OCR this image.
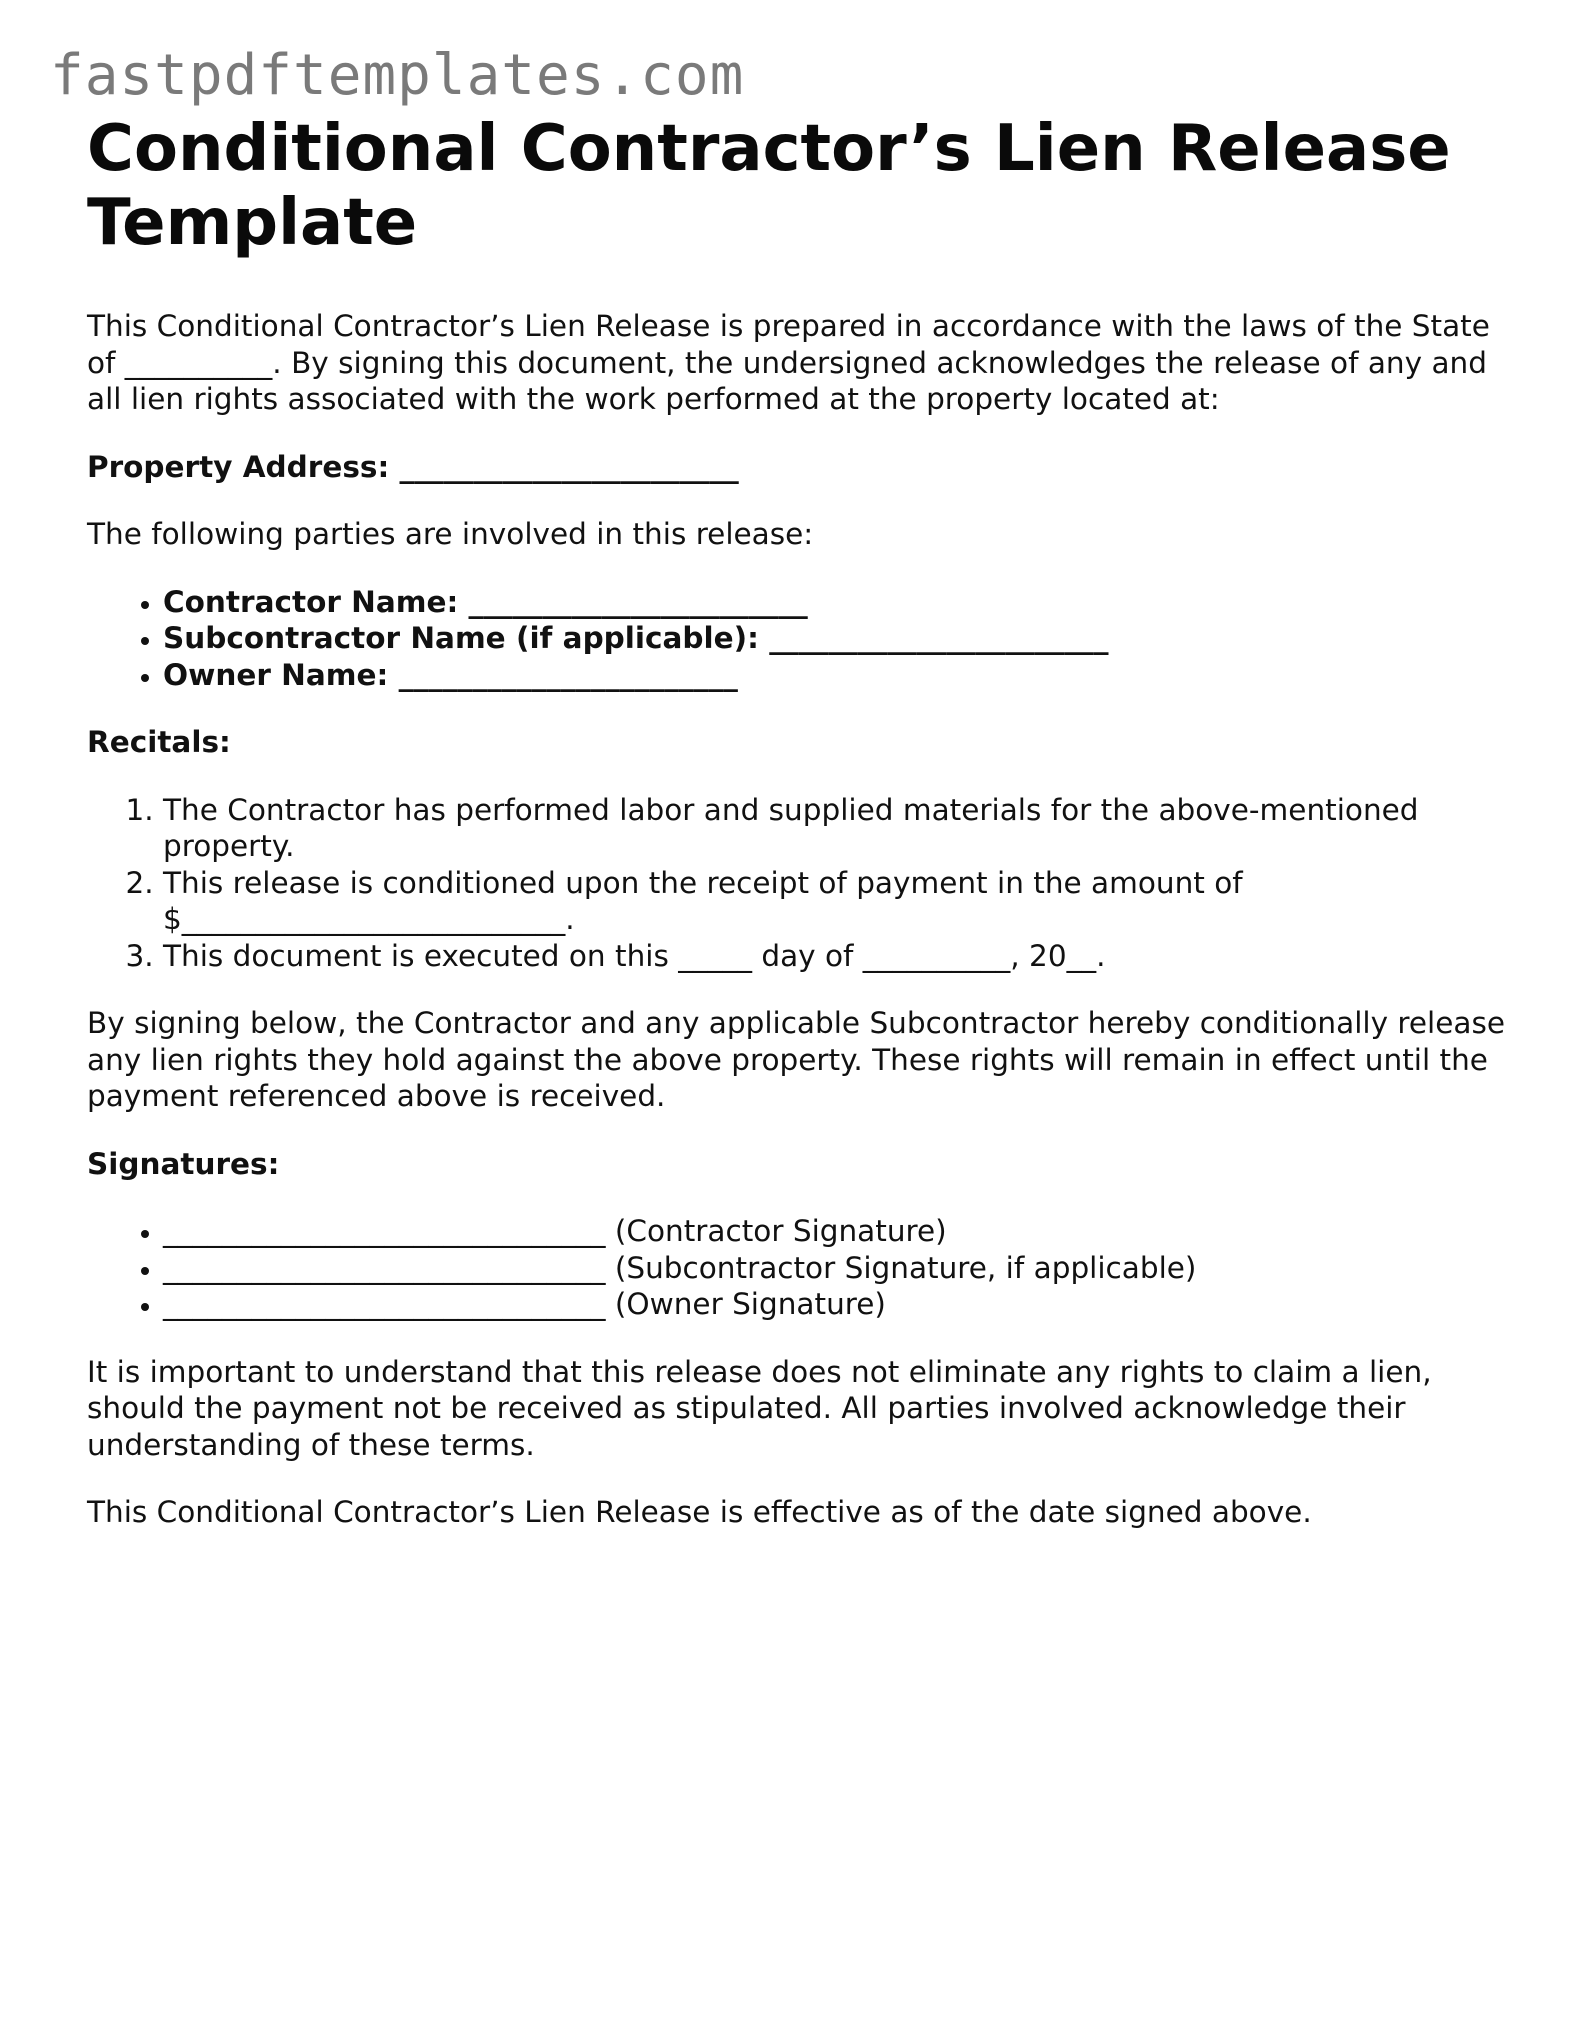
fastpdftemplates.com
Conditional Contractor’s Lien Release Template

This Conditional Contractor’s Lien Release is prepared in accordance with the laws of the State of __________. By signing this document, the undersigned acknowledges the release of any and all lien rights associated with the work performed at the property located at:

Property Address: _______________________

The following parties are involved in this release:

• Contractor Name: _______________________
• Subcontractor Name (if applicable): _______________________
• Owner Name: _______________________

Recitals:

1. The Contractor has performed labor and supplied materials for the above-mentioned property.
2. This release is conditioned upon the receipt of payment in the amount of $__________________________.
3. This document is executed on this _____ day of __________, 20__.

By signing below, the Contractor and any applicable Subcontractor hereby conditionally release any lien rights they hold against the above property. These rights will remain in effect until the payment referenced above is received.

Signatures:

• ______________________________ (Contractor Signature)
• ______________________________ (Subcontractor Signature, if applicable)
• ______________________________ (Owner Signature)

It is important to understand that this release does not eliminate any rights to claim a lien, should the payment not be received as stipulated. All parties involved acknowledge their understanding of these terms.

This Conditional Contractor’s Lien Release is effective as of the date signed above.
